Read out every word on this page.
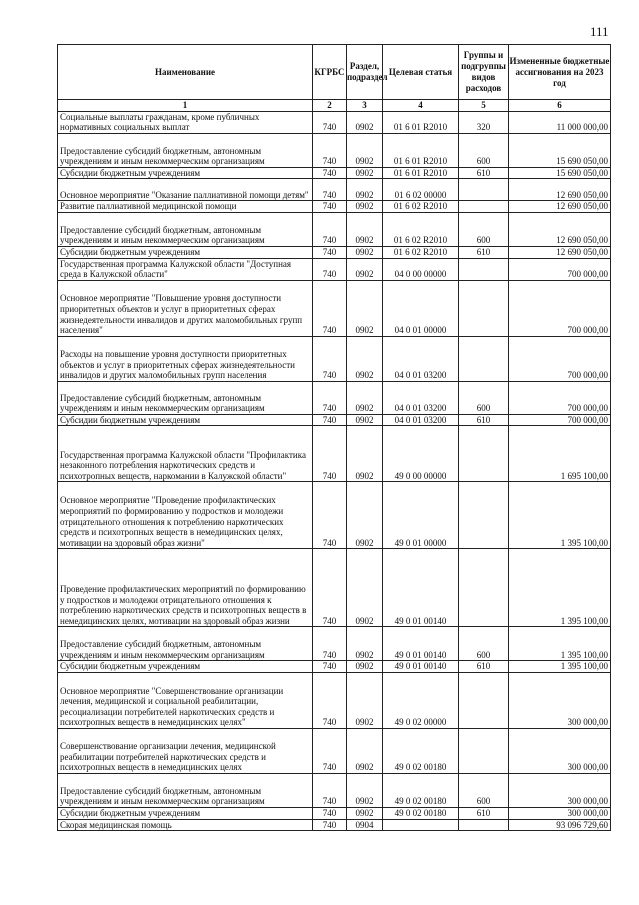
111
Наименование	КГРБС	Раздел, подраздел	Целевая статья	Группы и подгруппы видов расходов	Измененные бюджетные ассигнования на 2023 год
1	2	3	4	5	6
Социальные выплаты гражданам, кроме публичных нормативных социальных выплат	740	0902	01 6 01 R2010	320	11 000 000,00
Предоставление субсидий бюджетным, автономным учреждениям и иным некоммерческим организациям	740	0902	01 6 01 R2010	600	15 690 050,00
Субсидии бюджетным учреждениям	740	0902	01 6 01 R2010	610	15 690 050,00
Основное мероприятие "Оказание паллиативной помощи детям"	740	0902	01 6 02 00000		12 690 050,00
Развитие паллиативной медицинской помощи	740	0902	01 6 02 R2010		12 690 050,00
Предоставление субсидий бюджетным, автономным учреждениям и иным некоммерческим организациям	740	0902	01 6 02 R2010	600	12 690 050,00
Субсидии бюджетным учреждениям	740	0902	01 6 02 R2010	610	12 690 050,00
Государственная программа Калужской области "Доступная среда в Калужской области"	740	0902	04 0 00 00000		700 000,00
Основное мероприятие "Повышение уровня доступности приоритетных объектов и услуг в приоритетных сферах жизнедеятельности инвалидов и других маломобильных групп населения"	740	0902	04 0 01 00000		700 000,00
Расходы на повышение уровня доступности приоритетных объектов и услуг в приоритетных сферах жизнедеятельности инвалидов и других маломобильных групп населения	740	0902	04 0 01 03200		700 000,00
Предоставление субсидий бюджетным, автономным учреждениям и иным некоммерческим организациям	740	0902	04 0 01 03200	600	700 000,00
Субсидии бюджетным учреждениям	740	0902	04 0 01 03200	610	700 000,00
Государственная программа Калужской области "Профилактика незаконного потребления наркотических средств и психотропных веществ, наркомании в Калужской области"	740	0902	49 0 00 00000		1 695 100,00
Основное мероприятие "Проведение профилактических мероприятий по формированию у подростков и молодежи отрицательного отношения к потреблению наркотических средств и психотропных веществ в немедицинских целях, мотивации на здоровый образ жизни"	740	0902	49 0 01 00000		1 395 100,00
Проведение профилактических мероприятий по формированию у подростков и молодежи отрицательного отношения к потреблению наркотических средств и психотропных веществ в немедицинских целях, мотивации на здоровый образ жизни	740	0902	49 0 01 00140		1 395 100,00
Предоставление субсидий бюджетным, автономным учреждениям и иным некоммерческим организациям	740	0902	49 0 01 00140	600	1 395 100,00
Субсидии бюджетным учреждениям	740	0902	49 0 01 00140	610	1 395 100,00
Основное мероприятие "Совершенствование организации лечения, медицинской и социальной реабилитации, ресоциализации потребителей наркотических средств и психотропных веществ в немедицинских целях"	740	0902	49 0 02 00000		300 000,00
Совершенствование организации лечения, медицинской реабилитации потребителей наркотических средств и психотропных веществ в немедицинских целях	740	0902	49 0 02 00180		300 000,00
Предоставление субсидий бюджетным, автономным учреждениям и иным некоммерческим организациям	740	0902	49 0 02 00180	600	300 000,00
Субсидии бюджетным учреждениям	740	0902	49 0 02 00180	610	300 000,00
Скорая медицинская помощь	740	0904			93 096 729,60
